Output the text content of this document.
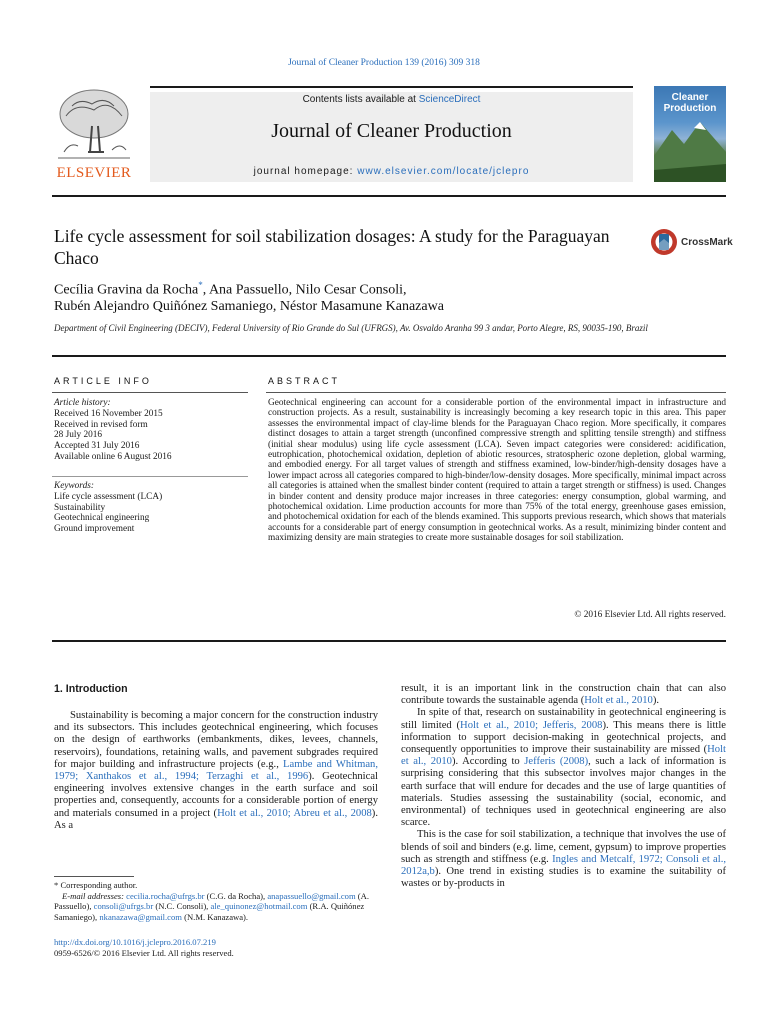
Journal of Cleaner Production 139 (2016) 309 318
ELSEVIER
Contents lists available at ScienceDirect
Journal of Cleaner Production
journal homepage: www.elsevier.com/locate/jclepro
Cleaner Production
Life cycle assessment for soil stabilization dosages: A study for the Paraguayan Chaco
CrossMark
Cecília Gravina da Rocha*, Ana Passuello, Nilo Cesar Consoli,
Rubén Alejandro Quiñónez Samaniego, Néstor Masamune Kanazawa
Department of Civil Engineering (DECIV), Federal University of Rio Grande do Sul (UFRGS), Av. Osvaldo Aranha 99 3 andar, Porto Alegre, RS, 90035-190, Brazil
ARTICLE INFO
Article history:
Received 16 November 2015
Received in revised form
28 July 2016
Accepted 31 July 2016
Available online 6 August 2016
Keywords:
Life cycle assessment (LCA)
Sustainability
Geotechnical engineering
Ground improvement
ABSTRACT
Geotechnical engineering can account for a considerable portion of the environmental impact in infrastructure and construction projects. As a result, sustainability is increasingly becoming a key research topic in this area. This paper assesses the environmental impact of clay-lime blends for the Paraguayan Chaco region. More specifically, it compares distinct dosages to attain a target strength (unconfined compressive strength and splitting tensile strength) and stiffness (initial shear modulus) using life cycle assessment (LCA). Seven impact categories were considered: acidification, eutrophication, photochemical oxidation, depletion of abiotic resources, stratospheric ozone depletion, global warming, and embodied energy. For all target values of strength and stiffness examined, low-binder/high-density dosages have a lower impact across all categories compared to high-binder/low-density dosages. More specifically, minimal impact across all categories is attained when the smallest binder content (required to attain a target strength or stiffness) is used. Changes in binder content and density produce major increases in three categories: energy consumption, global warming, and photochemical oxidation. Lime production accounts for more than 75% of the total energy, greenhouse gases emission, and photochemical oxidation for each of the blends examined. This supports previous research, which shows that materials accounts for a considerable part of energy consumption in geotechnical works. As a result, minimizing binder content and maximizing density are main strategies to create more sustainable dosages for soil stabilization.
© 2016 Elsevier Ltd. All rights reserved.
1. Introduction

Sustainability is becoming a major concern for the construction industry and its subsectors. This includes geotechnical engineering, which focuses on the design of earthworks (embankments, dikes, levees, channels, reservoirs), foundations, retaining walls, and pavement subgrades required for major building and infrastructure projects (e.g., Lambe and Whitman, 1979; Xanthakos et al., 1994; Terzaghi et al., 1996). Geotechnical engineering involves extensive changes in the earth surface and soil properties and, consequently, accounts for a considerable portion of energy and materials consumed in a project (Holt et al., 2010; Abreu et al., 2008). As a

result, it is an important link in the construction chain that can also contribute towards the sustainable agenda (Holt et al., 2010).

In spite of that, research on sustainability in geotechnical engineering is still limited (Holt et al., 2010; Jefferis, 2008). This means there is little information to support decision-making in geotechnical projects, and consequently opportunities to improve their sustainability are missed (Holt et al., 2010). According to Jefferis (2008), such a lack of information is surprising considering that this subsector involves major changes in the earth surface that will endure for decades and the use of large quantities of materials. Studies assessing the sustainability (social, economic, and environmental) of techniques used in geotechnical engineering are also scarce.

This is the case for soil stabilization, a technique that involves the use of blends of soil and binders (e.g. lime, cement, gypsum) to improve properties such as strength and stiffness (e.g. Ingles and Metcalf, 1972; Consoli et al., 2012a,b). One trend in existing studies is to examine the suitability of wastes or by-products in

* Corresponding author.
E-mail addresses: cecilia.rocha@ufrgs.br (C.G. da Rocha), anapassuello@gmail.com (A. Passuello), consoli@ufrgs.br (N.C. Consoli), ale_quinonez@hotmail.com (R.A. Quiñónez Samaniego), nkanazawa@gmail.com (N.M. Kanazawa).
http://dx.doi.org/10.1016/j.jclepro.2016.07.219
0959-6526/© 2016 Elsevier Ltd. All rights reserved.
